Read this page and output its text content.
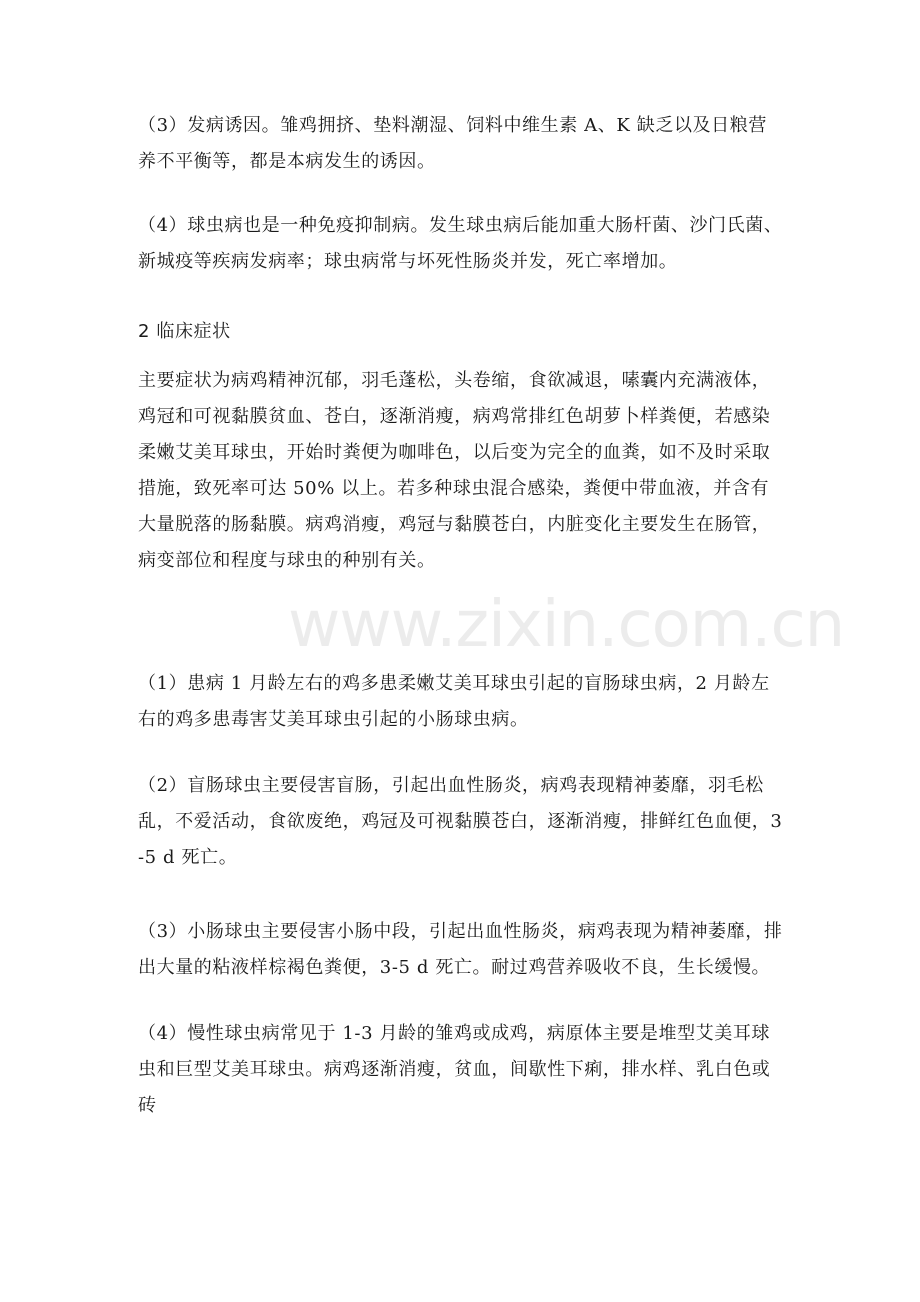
（3）发病诱因。雏鸡拥挤、垫料潮湿、饲料中维生素 A、K 缺乏以及日粮营养不平衡等，都是本病发生的诱因。

（4）球虫病也是一种免疫抑制病。发生球虫病后能加重大肠杆菌、沙门氏菌、新城疫等疾病发病率；球虫病常与坏死性肠炎并发，死亡率增加。

2 临床症状

主要症状为病鸡精神沉郁，羽毛蓬松，头卷缩，食欲减退，嗉囊内充满液体，鸡冠和可视黏膜贫血、苍白，逐渐消瘦，病鸡常排红色胡萝卜样粪便，若感染柔嫩艾美耳球虫，开始时粪便为咖啡色，以后变为完全的血粪，如不及时采取措施，致死率可达 50% 以上。若多种球虫混合感染，粪便中带血液，并含有大量脱落的肠黏膜。病鸡消瘦，鸡冠与黏膜苍白，内脏变化主要发生在肠管，病变部位和程度与球虫的种别有关。

（1）患病 1 月龄左右的鸡多患柔嫩艾美耳球虫引起的盲肠球虫病，2 月龄左右的鸡多患毒害艾美耳球虫引起的小肠球虫病。

（2）盲肠球虫主要侵害盲肠，引起出血性肠炎，病鸡表现精神萎靡，羽毛松乱，不爱活动，食欲废绝，鸡冠及可视黏膜苍白，逐渐消瘦，排鲜红色血便，3-5 d 死亡。

（3）小肠球虫主要侵害小肠中段，引起出血性肠炎，病鸡表现为精神萎靡，排出大量的粘液样棕褐色粪便，3-5 d 死亡。耐过鸡营养吸收不良，生长缓慢。

（4）慢性球虫病常见于 1-3 月龄的雏鸡或成鸡，病原体主要是堆型艾美耳球虫和巨型艾美耳球虫。病鸡逐渐消瘦，贫血，间歇性下痢，排水样、乳白色或砖

www.zixin.com.cn
